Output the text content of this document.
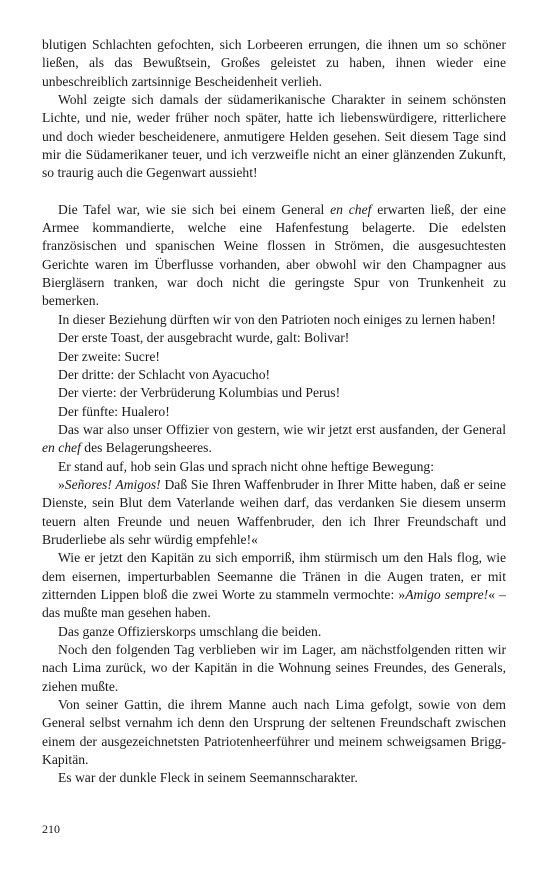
blutigen Schlachten gefochten, sich Lorbeeren errungen, die ihnen um so schöner ließen, als das Bewußtsein, Großes geleistet zu haben, ihnen wieder eine unbeschreiblich zartsinnige Bescheidenheit verlieh.

Wohl zeigte sich damals der südamerikanische Charakter in seinem schönsten Lichte, und nie, weder früher noch später, hatte ich liebenswürdigere, ritterlichere und doch wieder bescheidenere, anmutigere Helden gesehen. Seit diesem Tage sind mir die Südamerikaner teuer, und ich verzweifle nicht an einer glänzenden Zukunft, so traurig auch die Gegenwart aussieht!

Die Tafel war, wie sie sich bei einem General en chef erwarten ließ, der eine Armee kommandierte, welche eine Hafenfestung belagerte. Die edelsten französischen und spanischen Weine flossen in Strömen, die ausgesuchtesten Gerichte waren im Überflusse vorhanden, aber obwohl wir den Champagner aus Biergläsern tranken, war doch nicht die geringste Spur von Trunkenheit zu bemerken.

In dieser Beziehung dürften wir von den Patrioten noch einiges zu lernen haben!

Der erste Toast, der ausgebracht wurde, galt: Bolivar!

Der zweite: Sucre!

Der dritte: der Schlacht von Ayacucho!

Der vierte: der Verbrüderung Kolumbias und Perus!

Der fünfte: Hualero!

Das war also unser Offizier von gestern, wie wir jetzt erst ausfanden, der General en chef des Belagerungsheeres.

Er stand auf, hob sein Glas und sprach nicht ohne heftige Bewegung:

»Señores! Amigos! Daß Sie Ihren Waffenbruder in Ihrer Mitte haben, daß er seine Dienste, sein Blut dem Vaterlande weihen darf, das verdanken Sie diesem unserm teuern alten Freunde und neuen Waffenbruder, den ich Ihrer Freundschaft und Bruderliebe als sehr würdig empfehle!«

Wie er jetzt den Kapitän zu sich emporriß, ihm stürmisch um den Hals flog, wie dem eisernen, imperturbablen Seemanne die Tränen in die Augen traten, er mit zitternden Lippen bloß die zwei Worte zu stammeln vermochte: »Amigo sempre!« – das mußte man gesehen haben.

Das ganze Offizierskorps umschlang die beiden.

Noch den folgenden Tag verblieben wir im Lager, am nächstfolgenden ritten wir nach Lima zurück, wo der Kapitän in die Wohnung seines Freundes, des Generals, ziehen mußte.

Von seiner Gattin, die ihrem Manne auch nach Lima gefolgt, sowie von dem General selbst vernahm ich denn den Ursprung der seltenen Freundschaft zwischen einem der ausgezeichnetsten Patriotenheerführer und meinem schweigsamen Brigg-Kapitän.

Es war der dunkle Fleck in seinem Seemannscharakter.

210
